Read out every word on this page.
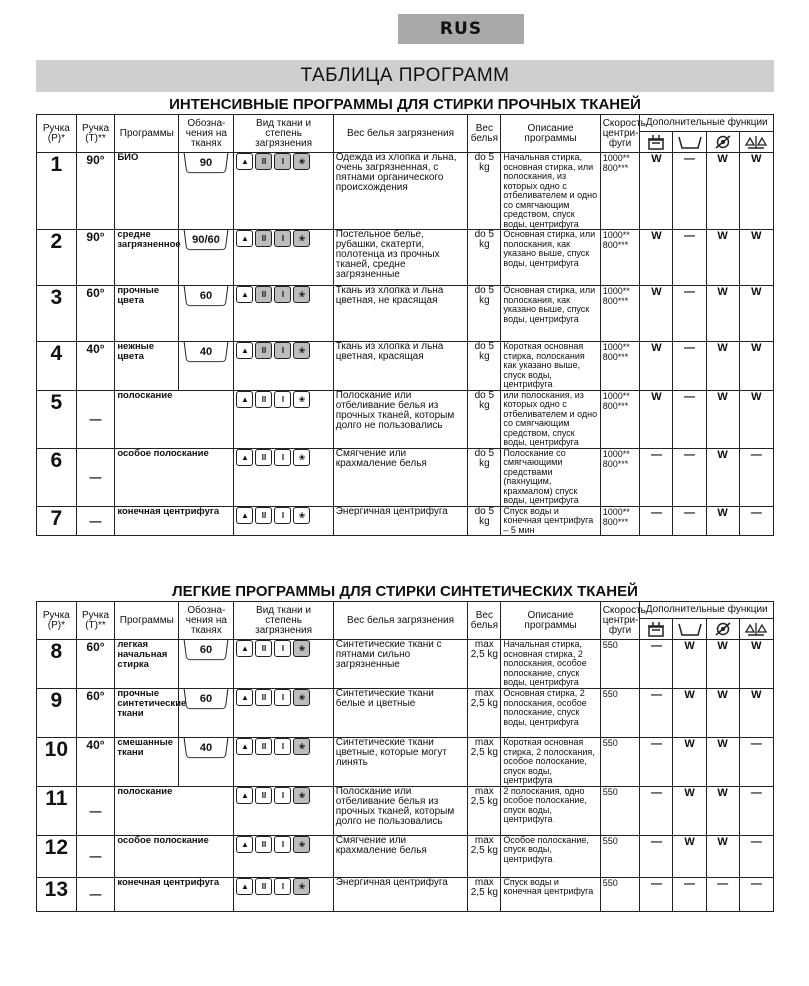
RUS
ТАБЛИЦА ПРОГРАММ
ИНТЕНСИВНЫЕ ПРОГРАММЫ ДЛЯ СТИРКИ ПРОЧНЫХ ТКАНЕЙ
Ручка (P)*	Ручка (T)**	Программы	Обозна-чения на тканях	Вид ткани и степень загрязнения	Вес белья загрязнения	Вес белья	Описание программы	Скорость центри-фуги	Дополнительные функции			

1	90°	БИО	90	▲ II I ❀	Одежда из хлопка и льна, очень загрязненная, с пятнами органического происхождения	do 5 kg	Начальная стирка, основная стирка, или полоскания, из которых одно с отбеливателем и одно со смягчающим средством, спуск воды, центрифуга	1000** 800***	W	—	W	W
2	90°	средне загрязненное	90/60	▲ II I ❀	Постельное белье, рубашки, скатерти, полотенца из прочных тканей, средне загрязненные	do 5 kg	Основная стирка, или полоскания, как указано выше, спуск воды, центрифуга	1000** 800***	W	—	W	W
3	60°	прочные цвета	60	▲ II I ❀	Ткань из хлопка и льна цветная, не красящая	do 5 kg	Основная стирка, или полоскания, как указано выше, спуск воды, центрифуга	1000** 800***	W	—	W	W
4	40°	нежные цвета	40	▲ II I ❀	Ткань из хлопка и льна цветная, красящая	do 5 kg	Короткая основная стирка, полоскания как указано выше, спуск воды, центрифуга	1000** 800***	W	—	W	W
5	—	полоскание		▲ II I ❀	Полоскание или отбеливание белья из прочных тканей, которым долго не пользовались	do 5 kg	или полоскания, из которых одно с отбеливателем и одно со смягчающим средством, спуск воды, центрифуга	1000** 800***	W	—	W	W
6	—	особое полоскание		▲ II I ❀	Смягчение или крахмаление белья	do 5 kg	Полоскание со смягчающими средствами (пахнущим, крахмалом) спуск воды, центрифуга	1000** 800***	—	—	W	—
7	—	конечная центрифуга		▲ II I ❀	Энергичная центрифуга	do 5 kg	Спуск воды и конечная центрифуга – 5 мин	1000** 800***	—	—	W	—
ЛЕГКИЕ ПРОГРАММЫ ДЛЯ СТИРКИ СИНТЕТИЧЕСКИХ ТКАНЕЙ
Ручка (P)*	Ручка (T)**	Программы	Обозна-чения на тканях	Вид ткани и степень загрязнения	Вес белья загрязнения	Вес белья	Описание программы	Скорость центри-фуги	Дополнительные функции			

8	60°	легкая начальная стирка	60	▲ II I ❀	Синтетические ткани с пятнами сильно загрязненные	max 2,5 kg	Начальная стирка, основная стирка, 2 полоскания, особое полоскание, спуск воды, центрифуга	550	—	W	W	W
9	60°	прочные синтетические ткани	60	▲ II I ❀	Синтетические ткани белые и цветные	max 2,5 kg	Основная стирка, 2 полоскания, особое полоскание, спуск воды, центрифуга	550	—	W	W	W
10	40°	смешанные ткани	40	▲ II I ❀	Синтетические ткани цветные, которые могут линять	max 2,5 kg	Короткая основная стирка, 2 полоскания, особое полоскание, спуск воды, центрифуга	550	—	W	W	—
11	—	полоскание		▲ II I ❀	Полоскание или отбеливание белья из прочных тканей, которым долго не пользовались	max 2,5 kg	2 полоскания, одно особое полоскание, спуск воды, центрифуга	550	—	W	W	—
12	—	особое полоскание		▲ II I ❀	Смягчение или крахмаление белья	max 2,5 kg	Особое полоскание, спуск воды, центрифуга	550	—	W	W	—
13	—	конечная центрифуга		▲ II I ❀	Энергичная центрифуга	max 2,5 kg	Спуск воды и конечная центрифуга	550	—	—	—	—
